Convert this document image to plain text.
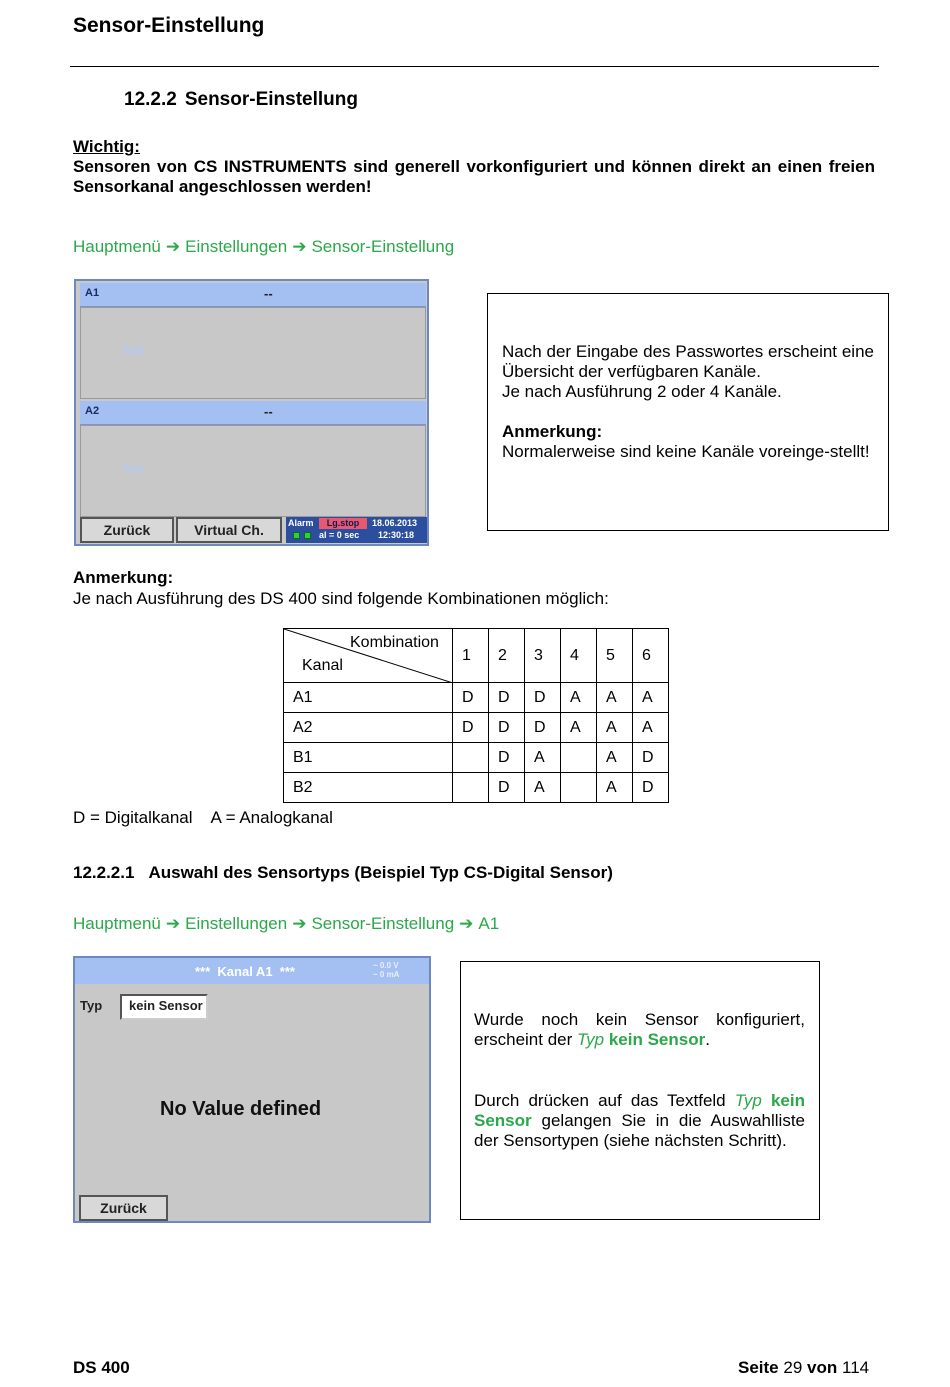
Sensor-Einstellung
12.2.2 Sensor-Einstellung
Wichtig:
Sensoren von CS INSTRUMENTS sind generell vorkonfiguriert und können direkt an einen freien Sensorkanal angeschlossen werden!
Hauptmenü ➔ Einstellungen ➔ Sensor-Einstellung
A1	--
frei
A2	--
frei
Zurück	Virtual Ch.	Alarm	Lg.stop
al = 0 sec
18.06.2013
12:30:18

Nach der Eingabe des Passwortes erscheint eine Übersicht der verfügbaren Kanäle.

Je nach Ausführung 2 oder 4 Kanäle.

Anmerkung:

Normalerweise sind keine Kanäle voreinge-stellt!

Anmerkung:
Je nach Ausführung des DS 400 sind folgende Kombinationen möglich:
Kombination
Kanal	1	2	3	4	5	6
A1	D	D	D	A	A	A
A2	D	D	D	A	A	A
B1		D	A		A	D
B2		D	A		A	D
D = Digitalkanal A = Analogkanal
12.2.2.1 Auswahl des Sensortyps (Beispiel Typ CS-Digital Sensor)
Hauptmenü ➔ Einstellungen ➔ Sensor-Einstellung ➔ A1
***  Kanal A1  ***	~ 0.0 V
~ 0 mA
Typ	kein Sensor
No Value defined
Zurück

Wurde noch kein Sensor konfiguriert, erscheint der Typ kein Sensor.

Durch drücken auf das Textfeld Typ kein Sensor gelangen Sie in die Auswahlliste der Sensortypen (siehe nächsten Schritt).

DS 400	Seite 29 von 114
